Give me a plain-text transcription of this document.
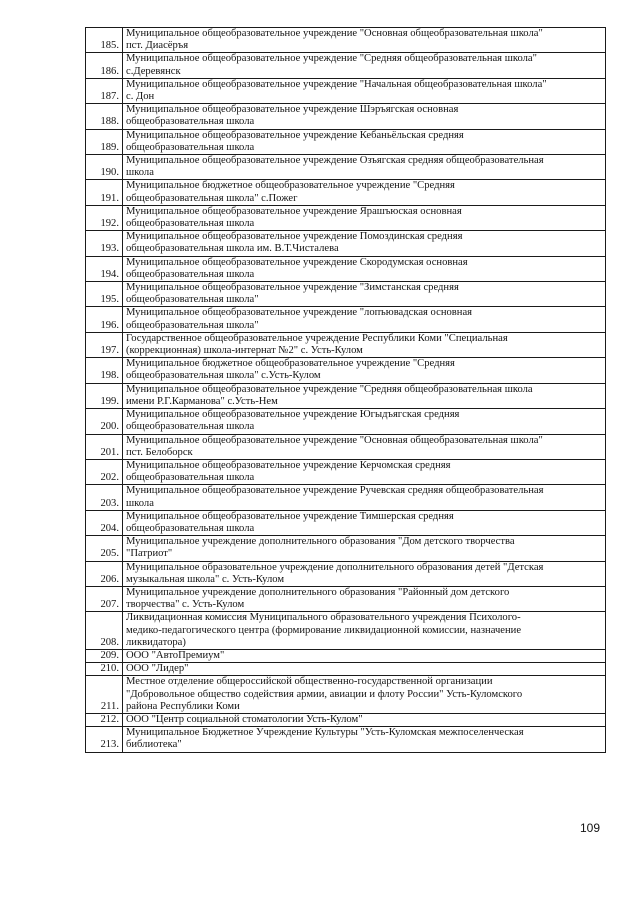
185.	Муниципальное общеобразовательное учреждение "Основная общеобразовательная школа"
пст. Диасёръя
186.	Муниципальное общеобразовательное учреждение "Средняя общеобразовательная школа"
с.Деревянск
187.	Муниципальное общеобразовательное учреждение "Начальная общеобразовательная школа"
с. Дон
188.	Муниципальное общеобразовательное учреждение Шэръягская основная
общеобразовательная школа
189.	Муниципальное общеобразовательное учреждение Кебаньёльская средняя
общеобразовательная школа
190.	Муниципальное общеобразовательное учреждение Озъягская средняя общеобразовательная
школа
191.	Муниципальное бюджетное общеобразовательное учреждение "Средняя
общеобразовательная школа" с.Пожег
192.	Муниципальное общеобразовательное учреждение Ярашъюская основная
общеобразовательная школа
193.	Муниципальное общеобразовательное учреждение Помоздинская средняя
общеобразовательная школа им. В.Т.Чисталева
194.	Муниципальное общеобразовательное учреждение Скородумская основная
общеобразовательная школа
195.	Муниципальное общеобразовательное учреждение "Зимстанская средняя
общеобразовательная школа"
196.	Муниципальное общеобразовательное учреждение "лопъювадская основная
общеобразовательная школа"
197.	Государственное общеобразовательное учреждение Республики Коми "Специальная
(коррекционная) школа-интернат №2" с. Усть-Кулом
198.	Муниципальное бюджетное общеобразовательное учреждение "Средняя
общеобразовательная школа" с.Усть-Кулом
199.	Муниципальное общеобразовательное учреждение "Средняя общеобразовательная школа
имени Р.Г.Карманова" с.Усть-Нем
200.	Муниципальное общеобразовательное учреждение Югыдъягская средняя
общеобразовательная школа
201.	Муниципальное общеобразовательное учреждение "Основная общеобразовательная школа"
пст. Белоборск
202.	Муниципальное общеобразовательное учреждение Керчомская средняя
общеобразовательная школа
203.	Муниципальное общеобразовательное учреждение Ручевская средняя общеобразовательная
школа
204.	Муниципальное общеобразовательное учреждение Тимшерская средняя
общеобразовательная школа
205.	Муниципальное учреждение дополнительного образования "Дом детского творчества
"Патриот"
206.	Муниципальное образовательное учреждение дополнительного образования детей "Детская
музыкальная школа" с. Усть-Кулом
207.	Муниципальное учреждение дополнительного образования "Районный дом детского
творчества" с. Усть-Кулом
208.	Ликвидационная комиссия Муниципального образовательного учреждения Психолого-
медико-педагогического центра (формирование ликвидационной комиссии, назначение
ликвидатора)
209.	ООО "АвтоПремиум"
210.	ООО "Лидер"
211.	Местное отделение общероссийской общественно-государственной организации
"Добровольное общество содействия армии, авиации и флоту России" Усть-Куломского
района Республики Коми
212.	ООО "Центр социальной стоматологии Усть-Кулом"
213.	Муниципальное Бюджетное Учреждение Культуры "Усть-Куломская межпоселенческая
библиотека"
109
